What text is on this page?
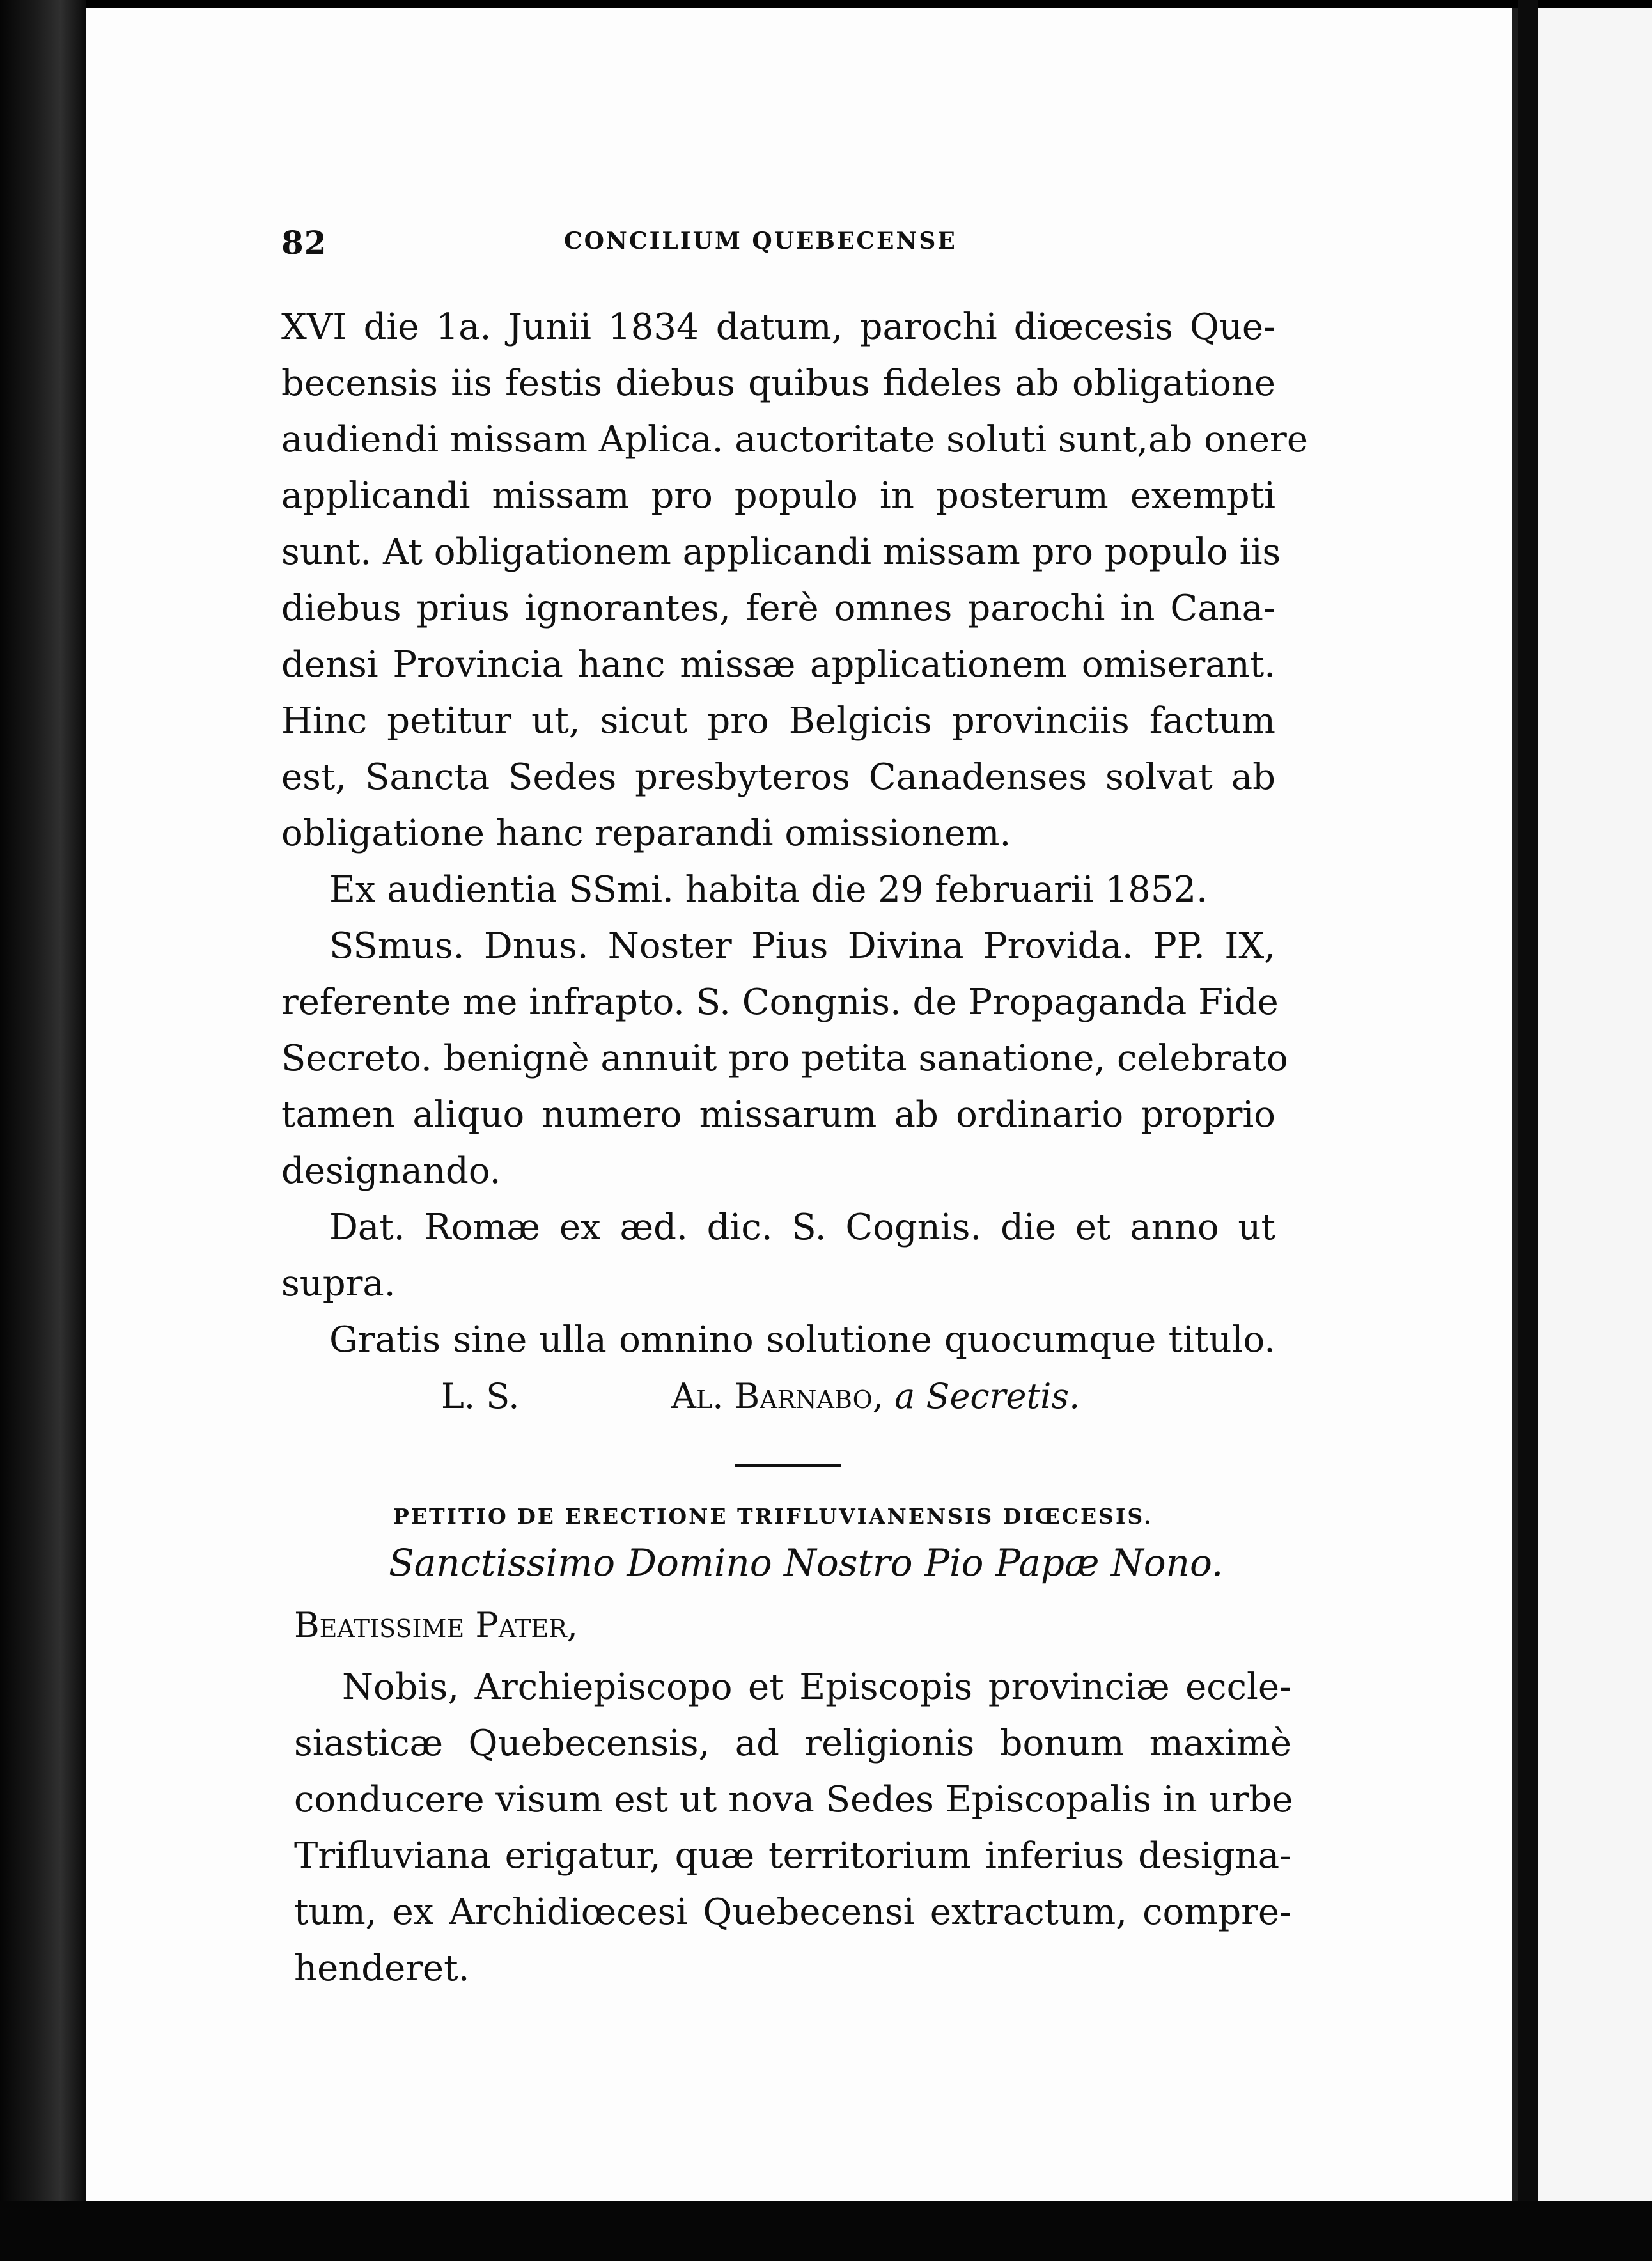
82	CONCILIUM QUEBECENSE
XVI die 1a. Junii 1834 datum, parochi diœcesis Que-
becensis iis festis diebus quibus fideles ab obligatione
audiendi missam Aplica. auctoritate soluti sunt,ab onere
applicandi missam pro populo in posterum exempti
sunt. At obligationem applicandi missam pro populo iis
diebus prius ignorantes, ferè omnes parochi in Cana-
densi Provincia hanc missæ applicationem omiserant.
Hinc petitur ut, sicut pro Belgicis provinciis factum
est, Sancta Sedes presbyteros Canadenses solvat ab
obligatione hanc reparandi omissionem.
Ex audientia SSmi. habita die 29 februarii 1852.
SSmus. Dnus. Noster Pius Divina Provida. PP. IX,
referente me infrapto. S. Congnis. de Propaganda Fide
Secreto. benignè annuit pro petita sanatione, celebrato
tamen aliquo numero missarum ab ordinario proprio
designando.
Dat. Romæ ex æd. dic. S. Cognis. die et anno ut
supra.
Gratis sine ulla omnino solutione quocumque titulo.
L. S.	Al. Barnabo, a Secretis.
PETITIO DE ERECTIONE TRIFLUVIANENSIS DIŒCESIS.
Sanctissimo Domino Nostro Pio Papæ Nono.
Beatissime Pater,
Nobis, Archiepiscopo et Episcopis provinciæ eccle-
siasticæ Quebecensis, ad religionis bonum maximè
conducere visum est ut nova Sedes Episcopalis in urbe
Trifluviana erigatur, quæ territorium inferius designa-
tum, ex Archidiœcesi Quebecensi extractum, compre-
henderet.
